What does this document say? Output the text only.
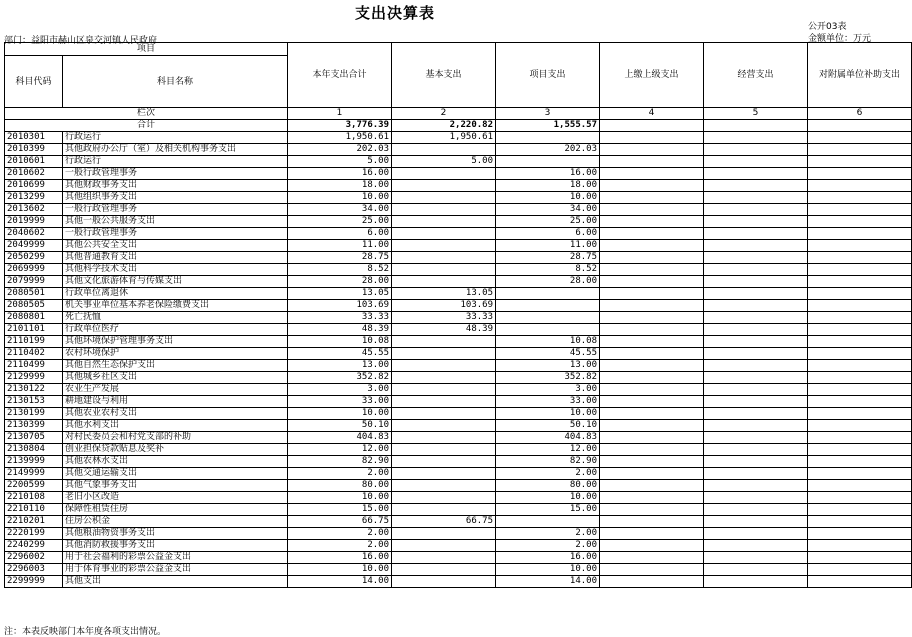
支出决算表
公开03表
金额单位：万元
部门：益阳市赫山区泉交河镇人民政府
项目		本年支出合计	基本支出	项目支出	上缴上级支出	经营支出	对附属单位补助支出
科目代码	科目名称						
栏次		1	2	3	4	5	6
合计		3,776.39	2,220.82	1,555.57			
2010301	行政运行	1,950.61	1,950.61				
2010399	其他政府办公厅（室）及相关机构事务支出	202.03		202.03			
2010601	行政运行	5.00	5.00				
2010602	一般行政管理事务	16.00		16.00			
2010699	其他财政事务支出	18.00		18.00			
2013299	其他组织事务支出	10.00		10.00			
2013602	一般行政管理事务	34.00		34.00			
2019999	其他一般公共服务支出	25.00		25.00			
2040602	一般行政管理事务	6.00		6.00			
2049999	其他公共安全支出	11.00		11.00			
2050299	其他普通教育支出	28.75		28.75			
2069999	其他科学技术支出	8.52		8.52			
2079999	其他文化旅游体育与传媒支出	28.00		28.00			
2080501	行政单位离退休	13.05	13.05				
2080505	机关事业单位基本养老保险缴费支出	103.69	103.69				
2080801	死亡抚恤	33.33	33.33				
2101101	行政单位医疗	48.39	48.39				
2110199	其他环境保护管理事务支出	10.08		10.08			
2110402	农村环境保护	45.55		45.55			
2110499	其他自然生态保护支出	13.00		13.00			
2129999	其他城乡社区支出	352.82		352.82			
2130122	农业生产发展	3.00		3.00			
2130153	耕地建设与利用	33.00		33.00			
2130199	其他农业农村支出	10.00		10.00			
2130399	其他水利支出	50.10		50.10			
2130705	对村民委员会和村党支部的补助	404.83		404.83			
2130804	创业担保贷款贴息及奖补	12.00		12.00			
2139999	其他农林水支出	82.90		82.90			
2149999	其他交通运输支出	2.00		2.00			
2200599	其他气象事务支出	80.00		80.00			
2210108	老旧小区改造	10.00		10.00			
2210110	保障性租赁住房	15.00		15.00			
2210201	住房公积金	66.75	66.75				
2220199	其他粮油物资事务支出	2.00		2.00			
2240299	其他消防救援事务支出	2.00		2.00			
2296002	用于社会福利的彩票公益金支出	16.00		16.00			
2296003	用于体育事业的彩票公益金支出	10.00		10.00			
2299999	其他支出	14.00		14.00			
注：本表反映部门本年度各项支出情况。
